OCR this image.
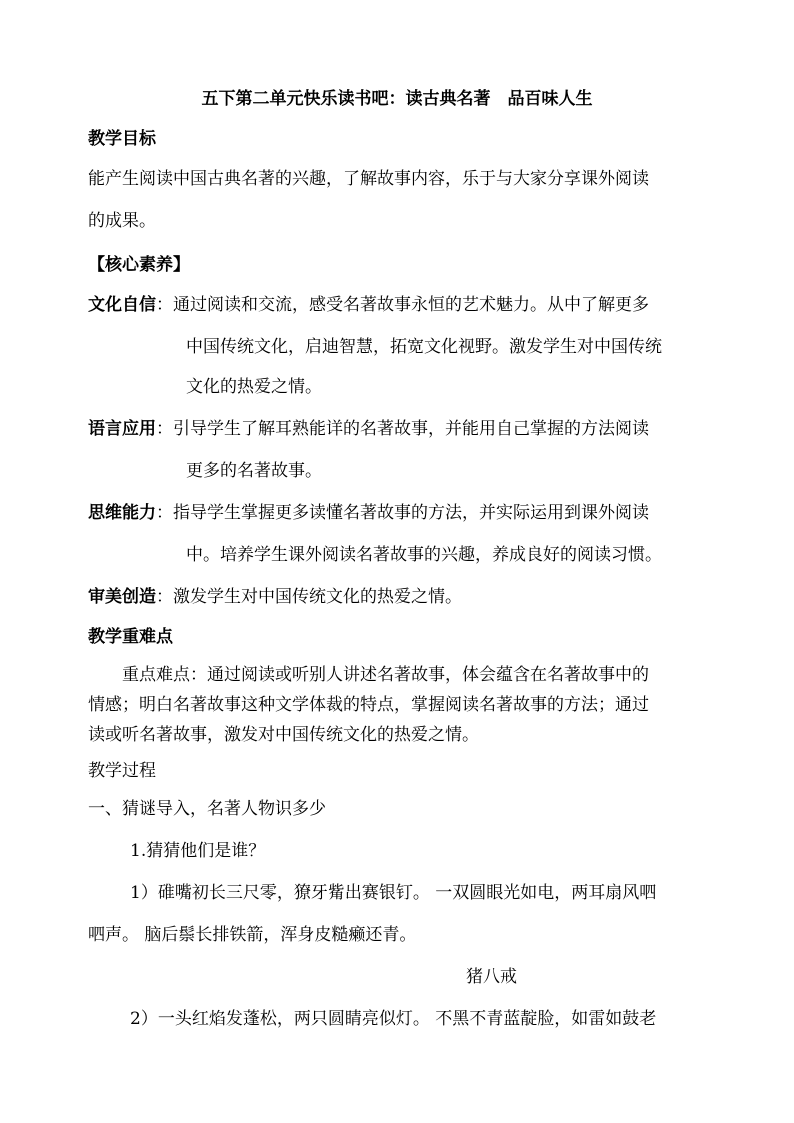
五下第二单元快乐读书吧：读古典名著　品百味人生
教学目标
能产生阅读中国古典名著的兴趣，了解故事内容，乐于与大家分享课外阅读
的成果。
【核心素养】
文化自信：通过阅读和交流，感受名著故事永恒的艺术魅力。从中了解更多
中国传统文化，启迪智慧，拓宽文化视野。激发学生对中国传统
文化的热爱之情。
语言应用：引导学生了解耳熟能详的名著故事，并能用自己掌握的方法阅读
更多的名著故事。
思维能力：指导学生掌握更多读懂名著故事的方法，并实际运用到课外阅读
中。培养学生课外阅读名著故事的兴趣，养成良好的阅读习惯。
审美创造：激发学生对中国传统文化的热爱之情。
教学重难点
重点难点：通过阅读或听别人讲述名著故事，体会蕴含在名著故事中的
情感；明白名著故事这种文学体裁的特点，掌握阅读名著故事的方法；通过
读或听名著故事，激发对中国传统文化的热爱之情。
教学过程
一、猜谜导入，名著人物识多少
1.猜猜他们是谁？
1）碓嘴初长三尺零，獠牙觜出赛银钉。 一双圆眼光如电，两耳扇风呬
呬声。 脑后鬃长排铁箭，浑身皮糙癞还青。
猪八戒
2）一头红焰发蓬松，两只圆睛亮似灯。 不黑不青蓝靛脸，如雷如鼓老
